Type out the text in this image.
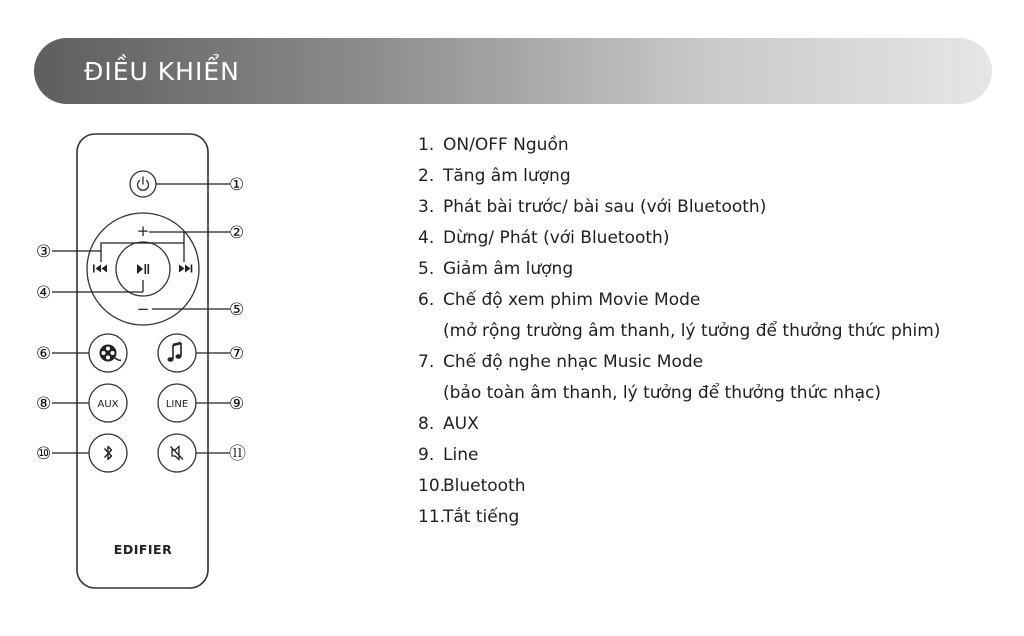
ĐIỀU KHIỂN
+
−
AUX	LINE
EDIFIER
①
②
③
④
⑤
⑥	⑦
⑧	⑨
⑩	⑪
1. ON/OFF Nguồn
2. Tăng âm lượng
3. Phát bài trước/ bài sau (với Bluetooth)
4. Dừng/ Phát (với Bluetooth)
5. Giảm âm lượng
6. Chế độ xem phim Movie Mode
(mở rộng trường âm thanh, lý tưởng để thưởng thức phim)
7. Chế độ nghe nhạc Music Mode
(bảo toàn âm thanh, lý tưởng để thưởng thức nhạc)
8. AUX
9. Line
10.
Bluetooth
11.
Tắt tiếng
